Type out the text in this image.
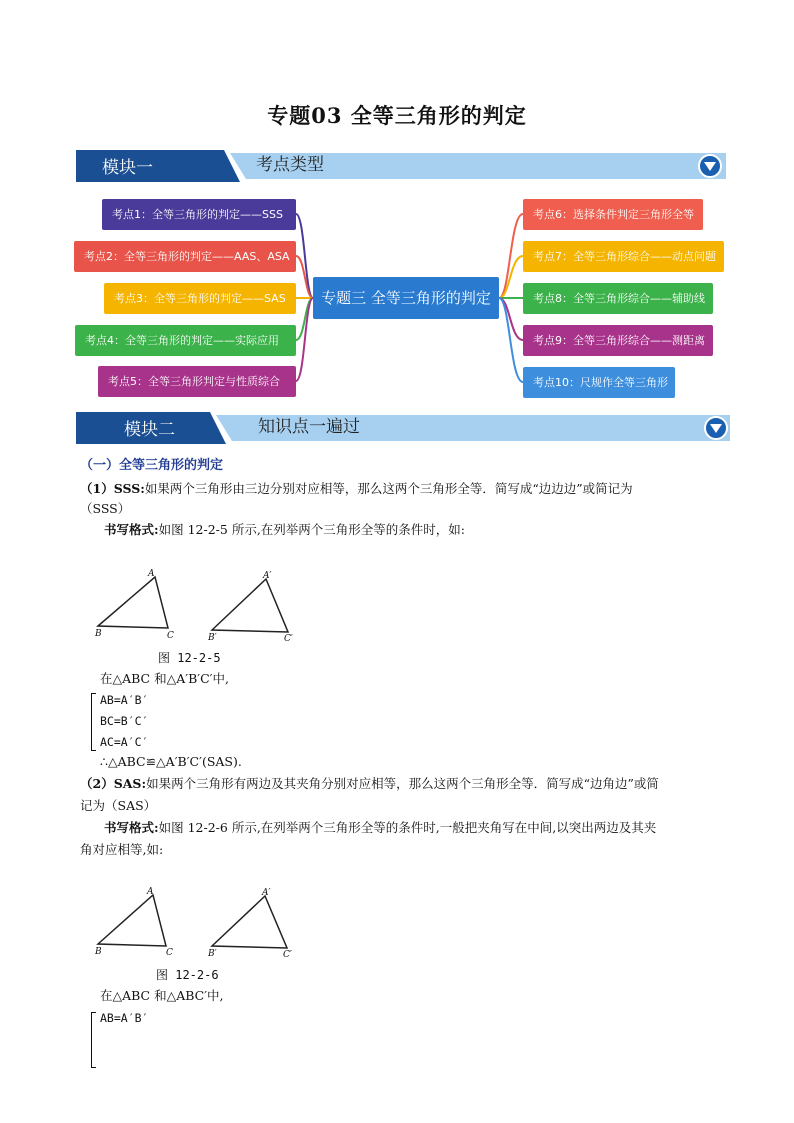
专题03 全等三角形的判定
模块一	考点类型
考点1：全等三角形的判定——SSS
考点2：全等三角形的判定——AAS、ASA
考点3：全等三角形的判定——SAS
考点4：全等三角形的判定——实际应用
考点5：全等三角形判定与性质综合
专题三 全等三角形的判定
考点6：选择条件判定三角形全等
考点7：全等三角形综合——动点问题
考点8：全等三角形综合——辅助线
考点9：全等三角形综合——测距离
考点10：尺规作全等三角形
模块二	知识点一遍过
（一）全等三角形的判定
（1）SSS:如果两个三角形由三边分别对应相等，那么这两个三角形全等．简写成“边边边”或简记为
（SSS）
书写格式:如图 12-2-5 所示,在列举两个三角形全等的条件时，如:
A
B	C
A′
B′	C′
图 12-2-5
在△ABC 和△A′B′C′中,
AB=A′B′
BC=B′C′
AC=A′C′
∴△ABC≌△A′B′C′(SAS).
（2）SAS:如果两个三角形有两边及其夹角分别对应相等，那么这两个三角形全等．简写成“边角边”或简
记为（SAS）
书写格式:如图 12-2-6 所示,在列举两个三角形全等的条件时,一般把夹角写在中间,以突出两边及其夹
角对应相等,如:
A
B	C
A′
B′	C′
图 12-2-6
在△ABC 和△ABC′中,
AB=A′B′
